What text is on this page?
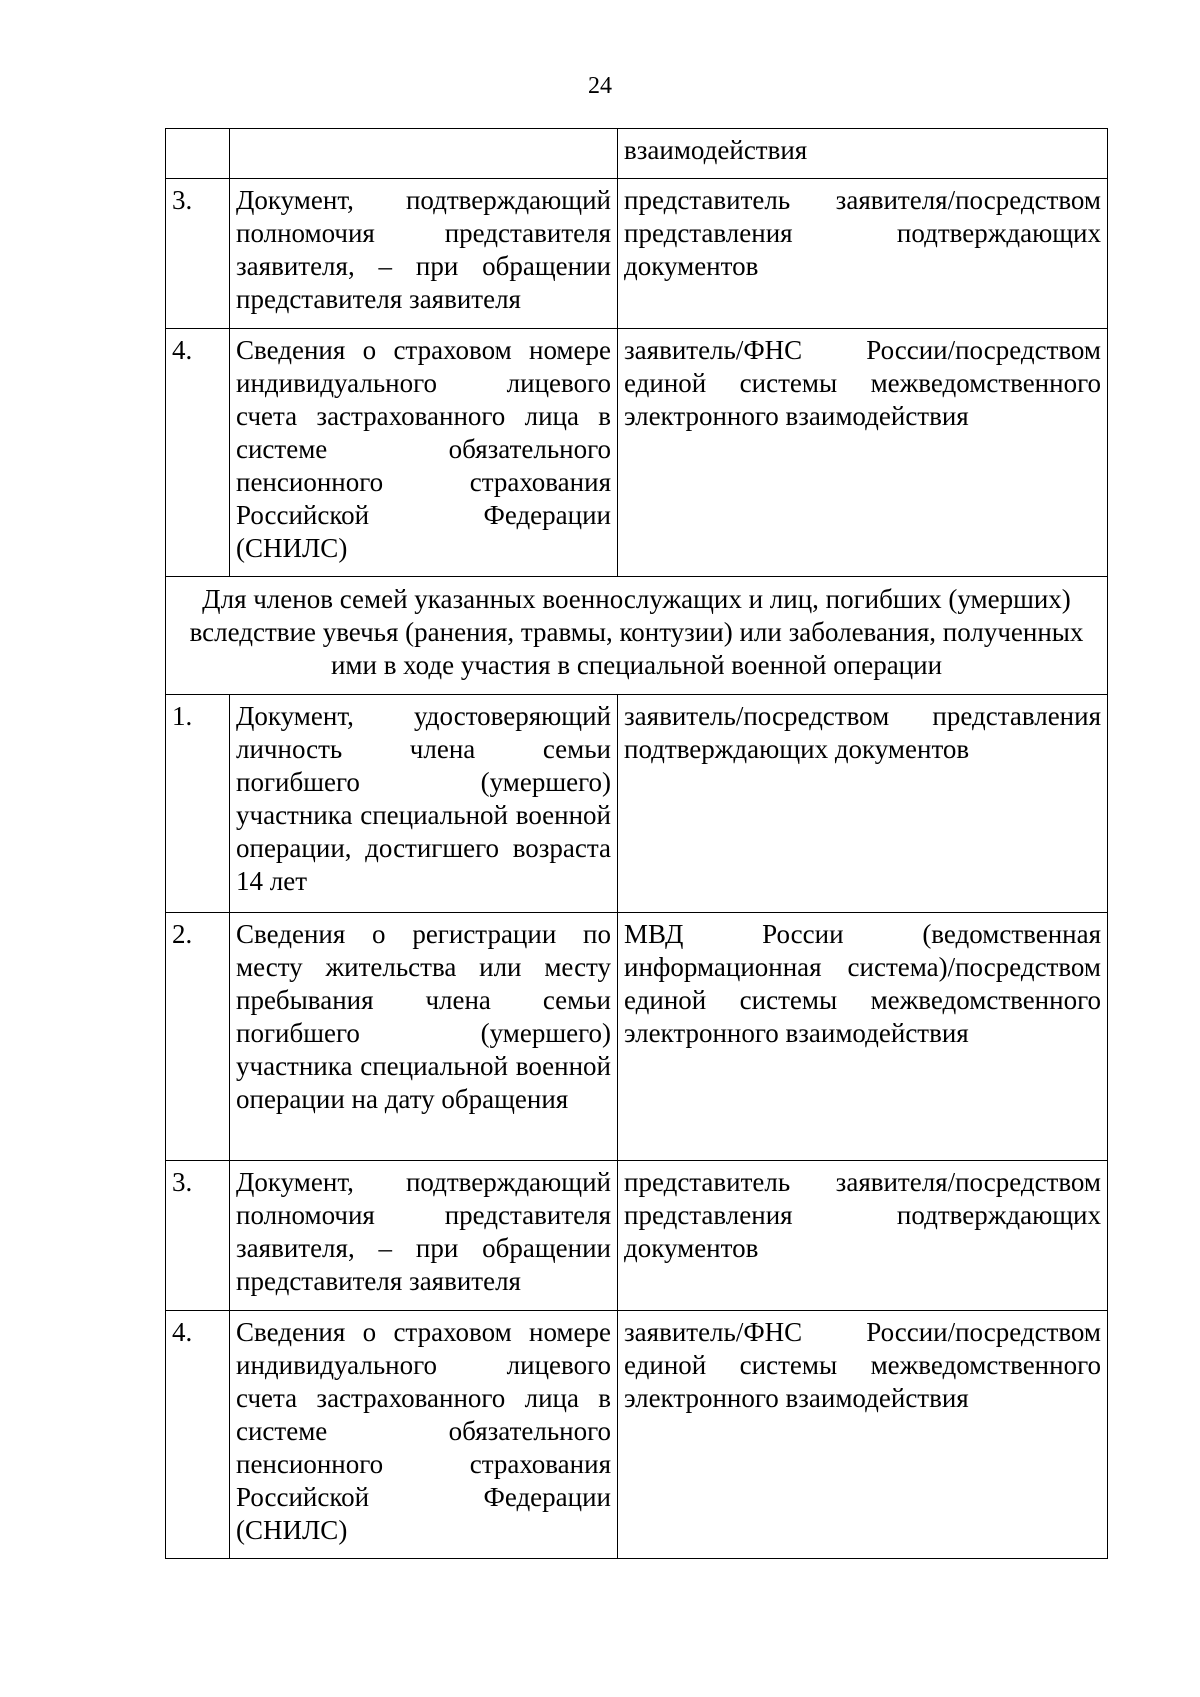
24
		взаимодействия
3.	Документ, подтверждающий полномочия представителя заявителя, – при обращении представителя заявителя	представитель заявителя/посредством представления подтверждающих документов
4.	Сведения о страховом номере индивидуального лицевого счета застрахованного лица в системе обязательного пенсионного страхования Российской Федерации (СНИЛС)	заявитель/ФНС России/посредством единой системы межведомственного электронного взаимодействия
Для членов семей указанных военнослужащих и лиц, погибших (умерших) вследствие увечья (ранения, травмы, контузии) или заболевания, полученных ими в ходе участия в специальной военной операции		
1.	Документ, удостоверяющий личность члена семьи погибшего (умершего) участника специальной военной операции, достигшего возраста 14 лет	заявитель/посредством представления подтверждающих документов
2.	Сведения о регистрации по месту жительства или месту пребывания члена семьи погибшего (умершего) участника специальной военной операции на дату обращения	МВД России (ведомственная информационная система)/посредством единой системы межведомственного электронного взаимодействия
3.	Документ, подтверждающий полномочия представителя заявителя, – при обращении представителя заявителя	представитель заявителя/посредством представления подтверждающих документов
4.	Сведения о страховом номере индивидуального лицевого счета застрахованного лица в системе обязательного пенсионного страхования Российской Федерации (СНИЛС)	заявитель/ФНС России/посредством единой системы межведомственного электронного взаимодействия
